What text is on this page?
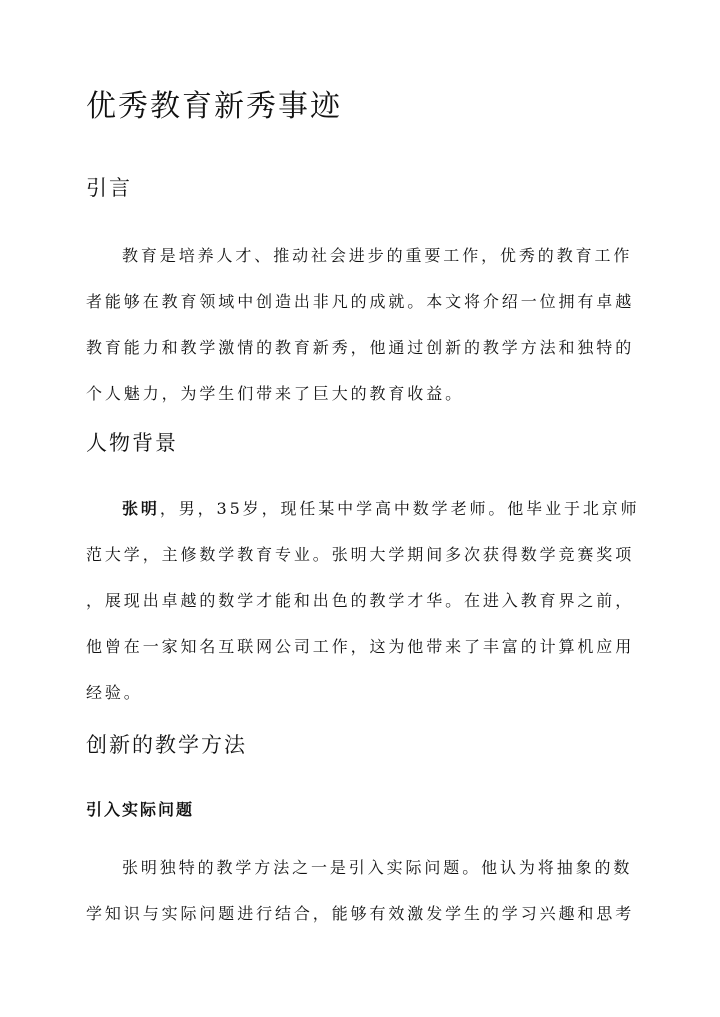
优秀教育新秀事迹
引言
教育是培养人才、推动社会进步的重要工作，优秀的教育工作
者能够在教育领域中创造出非凡的成就。本文将介绍一位拥有卓越
教育能力和教学激情的教育新秀，他通过创新的教学方法和独特的
个人魅力，为学生们带来了巨大的教育收益。
人物背景
张明，男，35岁，现任某中学高中数学老师。他毕业于北京师
范大学，主修数学教育专业。张明大学期间多次获得数学竞赛奖项
，展现出卓越的数学才能和出色的教学才华。在进入教育界之前，
他曾在一家知名互联网公司工作，这为他带来了丰富的计算机应用
经验。
创新的教学方法
引入实际问题
张明独特的教学方法之一是引入实际问题。他认为将抽象的数
学知识与实际问题进行结合，能够有效激发学生的学习兴趣和思考
